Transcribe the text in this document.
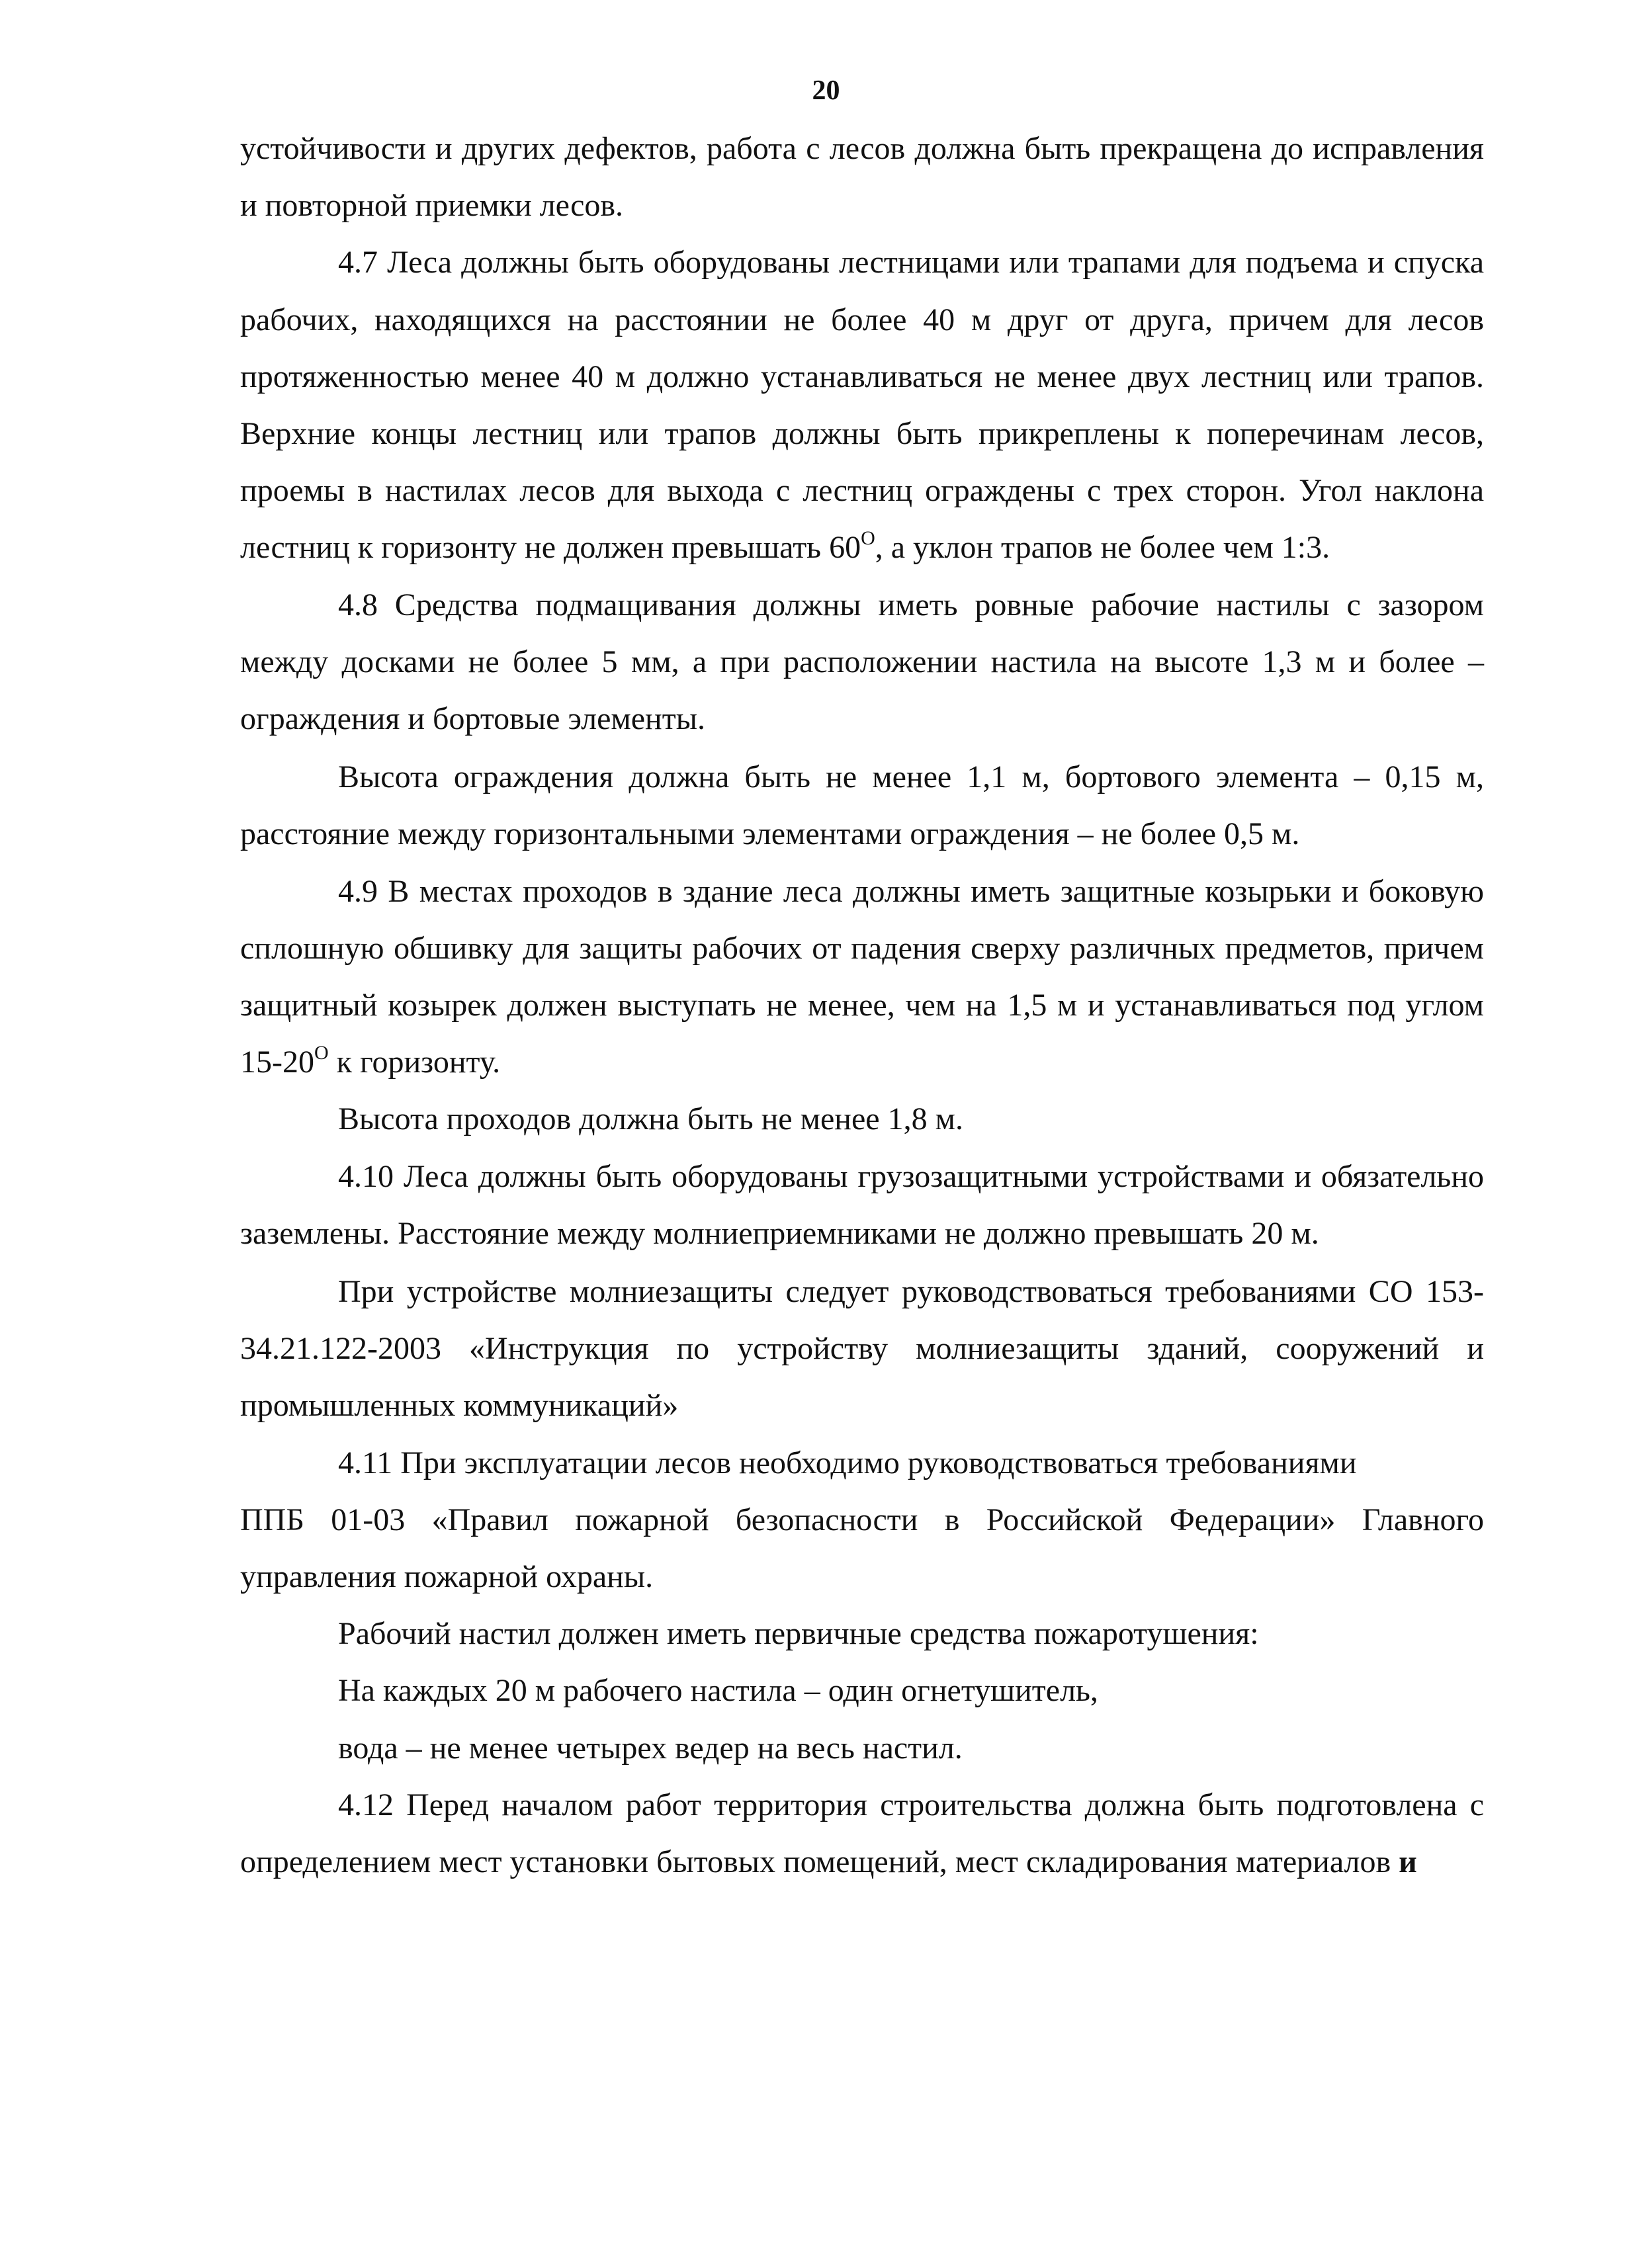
20

устойчивости и других дефектов, работа с лесов должна быть прекращена до исправления и повторной приемки лесов.

4.7 Леса должны быть оборудованы лестницами или трапами для подъема и спуска рабочих, находящихся на расстоянии не более 40 м друг от друга, причем для лесов протяженностью менее 40 м должно устанавливаться не менее двух лестниц или трапов. Верхние концы лестниц или трапов должны быть прикреплены к поперечинам лесов, проемы в настилах лесов для выхода с лестниц ограждены с трех сторон. Угол наклона лестниц к горизонту не должен превышать $60^О$, а уклон трапов не более чем 1:3.

4.8 Средства подмащивания должны иметь ровные рабочие настилы с зазором между досками не более 5 мм, а при расположении настила на высоте 1,3 м и более – ограждения и бортовые элементы.

Высота ограждения должна быть не менее 1,1 м, бортового элемента – 0,15 м, расстояние между горизонтальными элементами ограждения – не более 0,5 м.

4.9 В местах проходов в здание леса должны иметь защитные козырьки и боковую сплошную обшивку для защиты рабочих от падения сверху различных предметов, причем защитный козырек должен выступать не менее, чем на 1,5 м и устанавливаться под углом $15-20^О$ к горизонту.

Высота проходов должна быть не менее 1,8 м.

4.10 Леса должны быть оборудованы грузозащитными устройствами и обязательно заземлены. Расстояние между молниеприемниками не должно превышать 20 м.

При устройстве молниезащиты следует руководствоваться требованиями СО 153-34.21.122-2003 «Инструкция по устройству молниезащиты зданий, сооружений и промышленных коммуникаций»

4.11 При эксплуатации лесов необходимо руководствоваться требованиями

ППБ 01-03 «Правил пожарной безопасности в Российской Федерации» Главного управления пожарной охраны.

Рабочий настил должен иметь первичные средства пожаротушения:

На каждых 20 м рабочего настила – один огнетушитель,

вода – не менее четырех ведер на весь настил.

4.12 Перед началом работ территория строительства должна быть подготовлена с определением мест установки бытовых помещений, мест складирования материалов и
